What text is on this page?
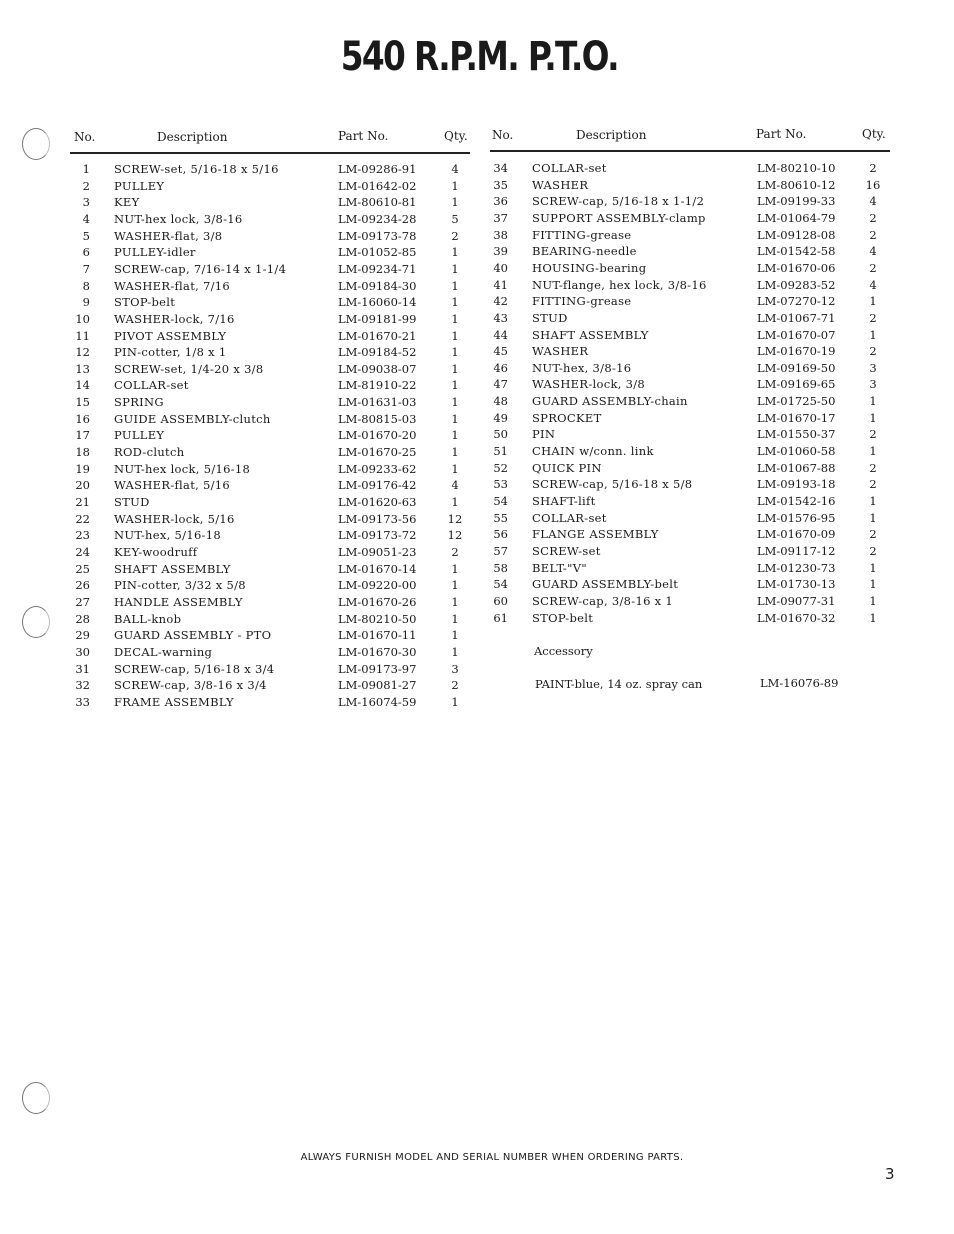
540 R.P.M. P.T.O.
No.	Description	Part No.	Qty. No.	Description	Part No.	Qty.
1 SCREW-set, 5/16-18 x 5/16	LM-09286-91	4
2 PULLEY	LM-01642-02	1
3 KEY	LM-80610-81	1
4 NUT-hex lock, 3/8-16	LM-09234-28	5
5 WASHER-flat, 3/8	LM-09173-78	2
6 PULLEY-idler	LM-01052-85	1
7 SCREW-cap, 7/16-14 x 1-1/4	LM-09234-71	1
8 WASHER-flat, 7/16	LM-09184-30	1
9 STOP-belt	LM-16060-14	1
10 WASHER-lock, 7/16	LM-09181-99	1
11 PIVOT ASSEMBLY	LM-01670-21	1
12 PIN-cotter, 1/8 x 1	LM-09184-52	1
13 SCREW-set, 1/4-20 x 3/8	LM-09038-07	1
14 COLLAR-set	LM-81910-22	1
15 SPRING	LM-01631-03	1
16 GUIDE ASSEMBLY-clutch	LM-80815-03	1
17 PULLEY	LM-01670-20	1
18 ROD-clutch	LM-01670-25	1
19 NUT-hex lock, 5/16-18	LM-09233-62	1
20 WASHER-flat, 5/16	LM-09176-42	4
21 STUD	LM-01620-63	1
22 WASHER-lock, 5/16	LM-09173-56	12
23 NUT-hex, 5/16-18	LM-09173-72	12
24 KEY-woodruff	LM-09051-23	2
25 SHAFT ASSEMBLY	LM-01670-14	1
26 PIN-cotter, 3/32 x 5/8	LM-09220-00	1
27 HANDLE ASSEMBLY	LM-01670-26	1
28 BALL-knob	LM-80210-50	1
29 GUARD ASSEMBLY - PTO	LM-01670-11	1
30 DECAL-warning	LM-01670-30	1
31 SCREW-cap, 5/16-18 x 3/4	LM-09173-97	3
32 SCREW-cap, 3/8-16 x 3/4	LM-09081-27	2
33 FRAME ASSEMBLY	LM-16074-59	1
34 COLLAR-set	LM-80210-10	2
35 WASHER	LM-80610-12	16
36 SCREW-cap, 5/16-18 x 1-1/2	LM-09199-33	4
37 SUPPORT ASSEMBLY-clamp	LM-01064-79	2
38 FITTING-grease	LM-09128-08	2
39 BEARING-needle	LM-01542-58	4
40 HOUSING-bearing	LM-01670-06	2
41 NUT-flange, hex lock, 3/8-16	LM-09283-52	4
42 FITTING-grease	LM-07270-12	1
43 STUD	LM-01067-71	2
44 SHAFT ASSEMBLY	LM-01670-07	1
45 WASHER	LM-01670-19	2
46 NUT-hex, 3/8-16	LM-09169-50	3
47 WASHER-lock, 3/8	LM-09169-65	3
48 GUARD ASSEMBLY-chain	LM-01725-50	1
49 SPROCKET	LM-01670-17	1
50 PIN	LM-01550-37	2
51 CHAIN w/conn. link	LM-01060-58	1
52 QUICK PIN	LM-01067-88	2
53 SCREW-cap, 5/16-18 x 5/8	LM-09193-18	2
54 SHAFT-lift	LM-01542-16	1
55 COLLAR-set	LM-01576-95	1
56 FLANGE ASSEMBLY	LM-01670-09	2
57 SCREW-set	LM-09117-12	2
58 BELT-"V"	LM-01230-73	1
54 GUARD ASSEMBLY-belt	LM-01730-13	1
60 SCREW-cap, 3/8-16 x 1	LM-09077-31	1
61 STOP-belt	LM-01670-32	1
Accessory
PAINT-blue, 14 oz. spray can	LM-16076-89
ALWAYS FURNISH MODEL AND SERIAL NUMBER WHEN ORDERING PARTS.
3
